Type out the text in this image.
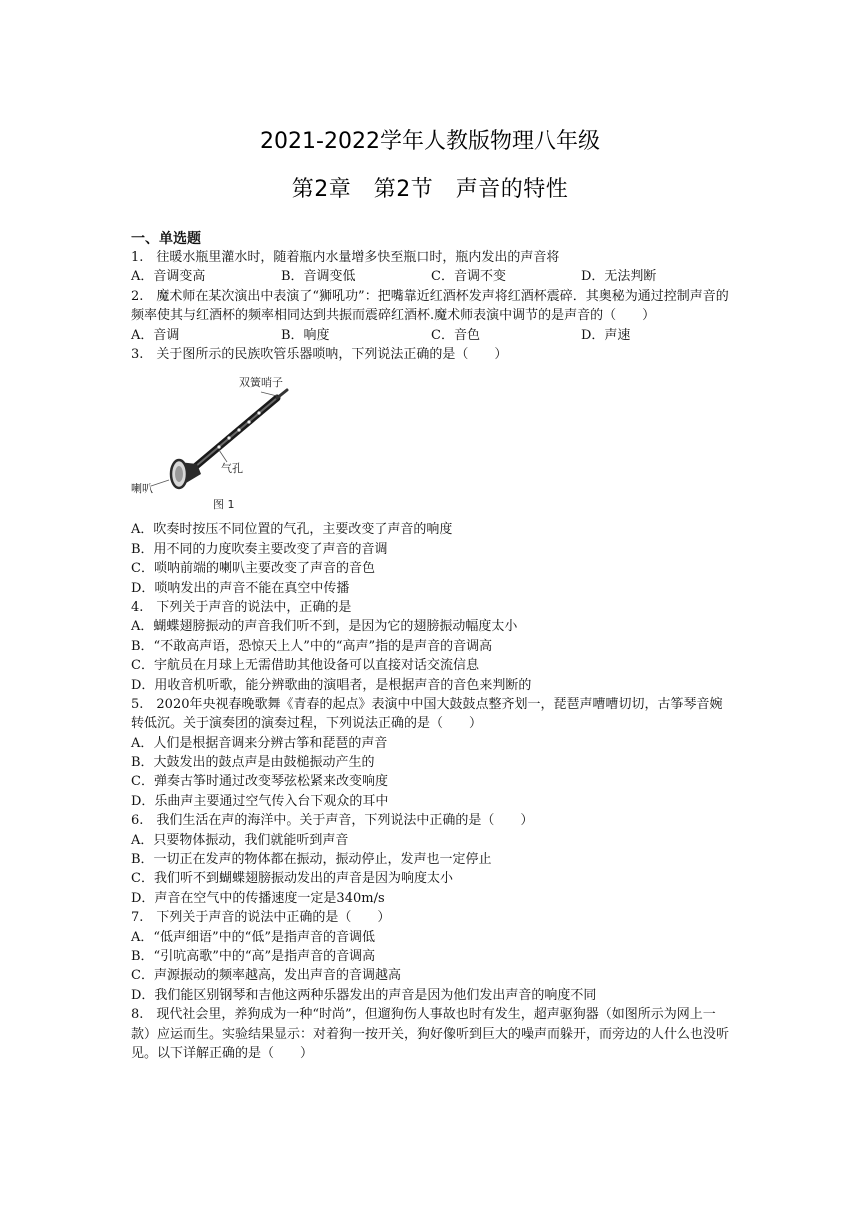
2021-2022学年人教版物理八年级
第2章　第2节　声音的特性
一、单选题
1.　往暖水瓶里灌水时，随着瓶内水量增多快至瓶口时，瓶内发出的声音将
A．音调变高	B．音调变低	C．音调不变	D．无法判断
2.　魔术师在某次演出中表演了“狮吼功”：把嘴靠近红酒杯发声将红酒杯震碎．其奥秘为通过控制声音的频率使其与红酒杯的频率相同达到共振而震碎红酒杯.魔术师表演中调节的是声音的（　　）
A．音调	B．响度	C．音色	D．声速
3.　关于图所示的民族吹管乐器唢呐，下列说法正确的是（　　）
双簧哨子
气孔
喇叭
图 1
A．吹奏时按压不同位置的气孔，主要改变了声音的响度
B．用不同的力度吹奏主要改变了声音的音调
C．唢呐前端的喇叭主要改变了声音的音色
D．唢呐发出的声音不能在真空中传播
4.　下列关于声音的说法中，正确的是
A．蝴蝶翅膀振动的声音我们听不到，是因为它的翅膀振动幅度太小
B．“不敢高声语，恐惊天上人”中的“高声”指的是声音的音调高
C．宇航员在月球上无需借助其他设备可以直接对话交流信息
D．用收音机听歌，能分辨歌曲的演唱者，是根据声音的音色来判断的
5.　2020年央视春晚歌舞《青春的起点》表演中中国大鼓鼓点整齐划一，琵琶声嘈嘈切切，古筝琴音婉转低沉。关于演奏团的演奏过程，下列说法正确的是（　　）
A．人们是根据音调来分辨古筝和琵琶的声音
B．大鼓发出的鼓点声是由鼓槌振动产生的
C．弹奏古筝时通过改变琴弦松紧来改变响度
D．乐曲声主要通过空气传入台下观众的耳中
6.　我们生活在声的海洋中。关于声音，下列说法中正确的是（　　）
A．只要物体振动，我们就能听到声音
B．一切正在发声的物体都在振动，振动停止，发声也一定停止
C．我们听不到蝴蝶翅膀振动发出的声音是因为响度太小
D．声音在空气中的传播速度一定是340m/s
7.　下列关于声音的说法中正确的是（　　）
A．“低声细语”中的“低”是指声音的音调低
B．“引吭高歌”中的“高”是指声音的音调高
C．声源振动的频率越高，发出声音的音调越高
D．我们能区别钢琴和吉他这两种乐器发出的声音是因为他们发出声音的响度不同
8.　现代社会里，养狗成为一种“时尚”，但遛狗伤人事故也时有发生，超声驱狗器（如图所示为网上一款）应运而生。实验结果显示：对着狗一按开关，狗好像听到巨大的噪声而躲开，而旁边的人什么也没听见。以下详解正确的是（　　）
